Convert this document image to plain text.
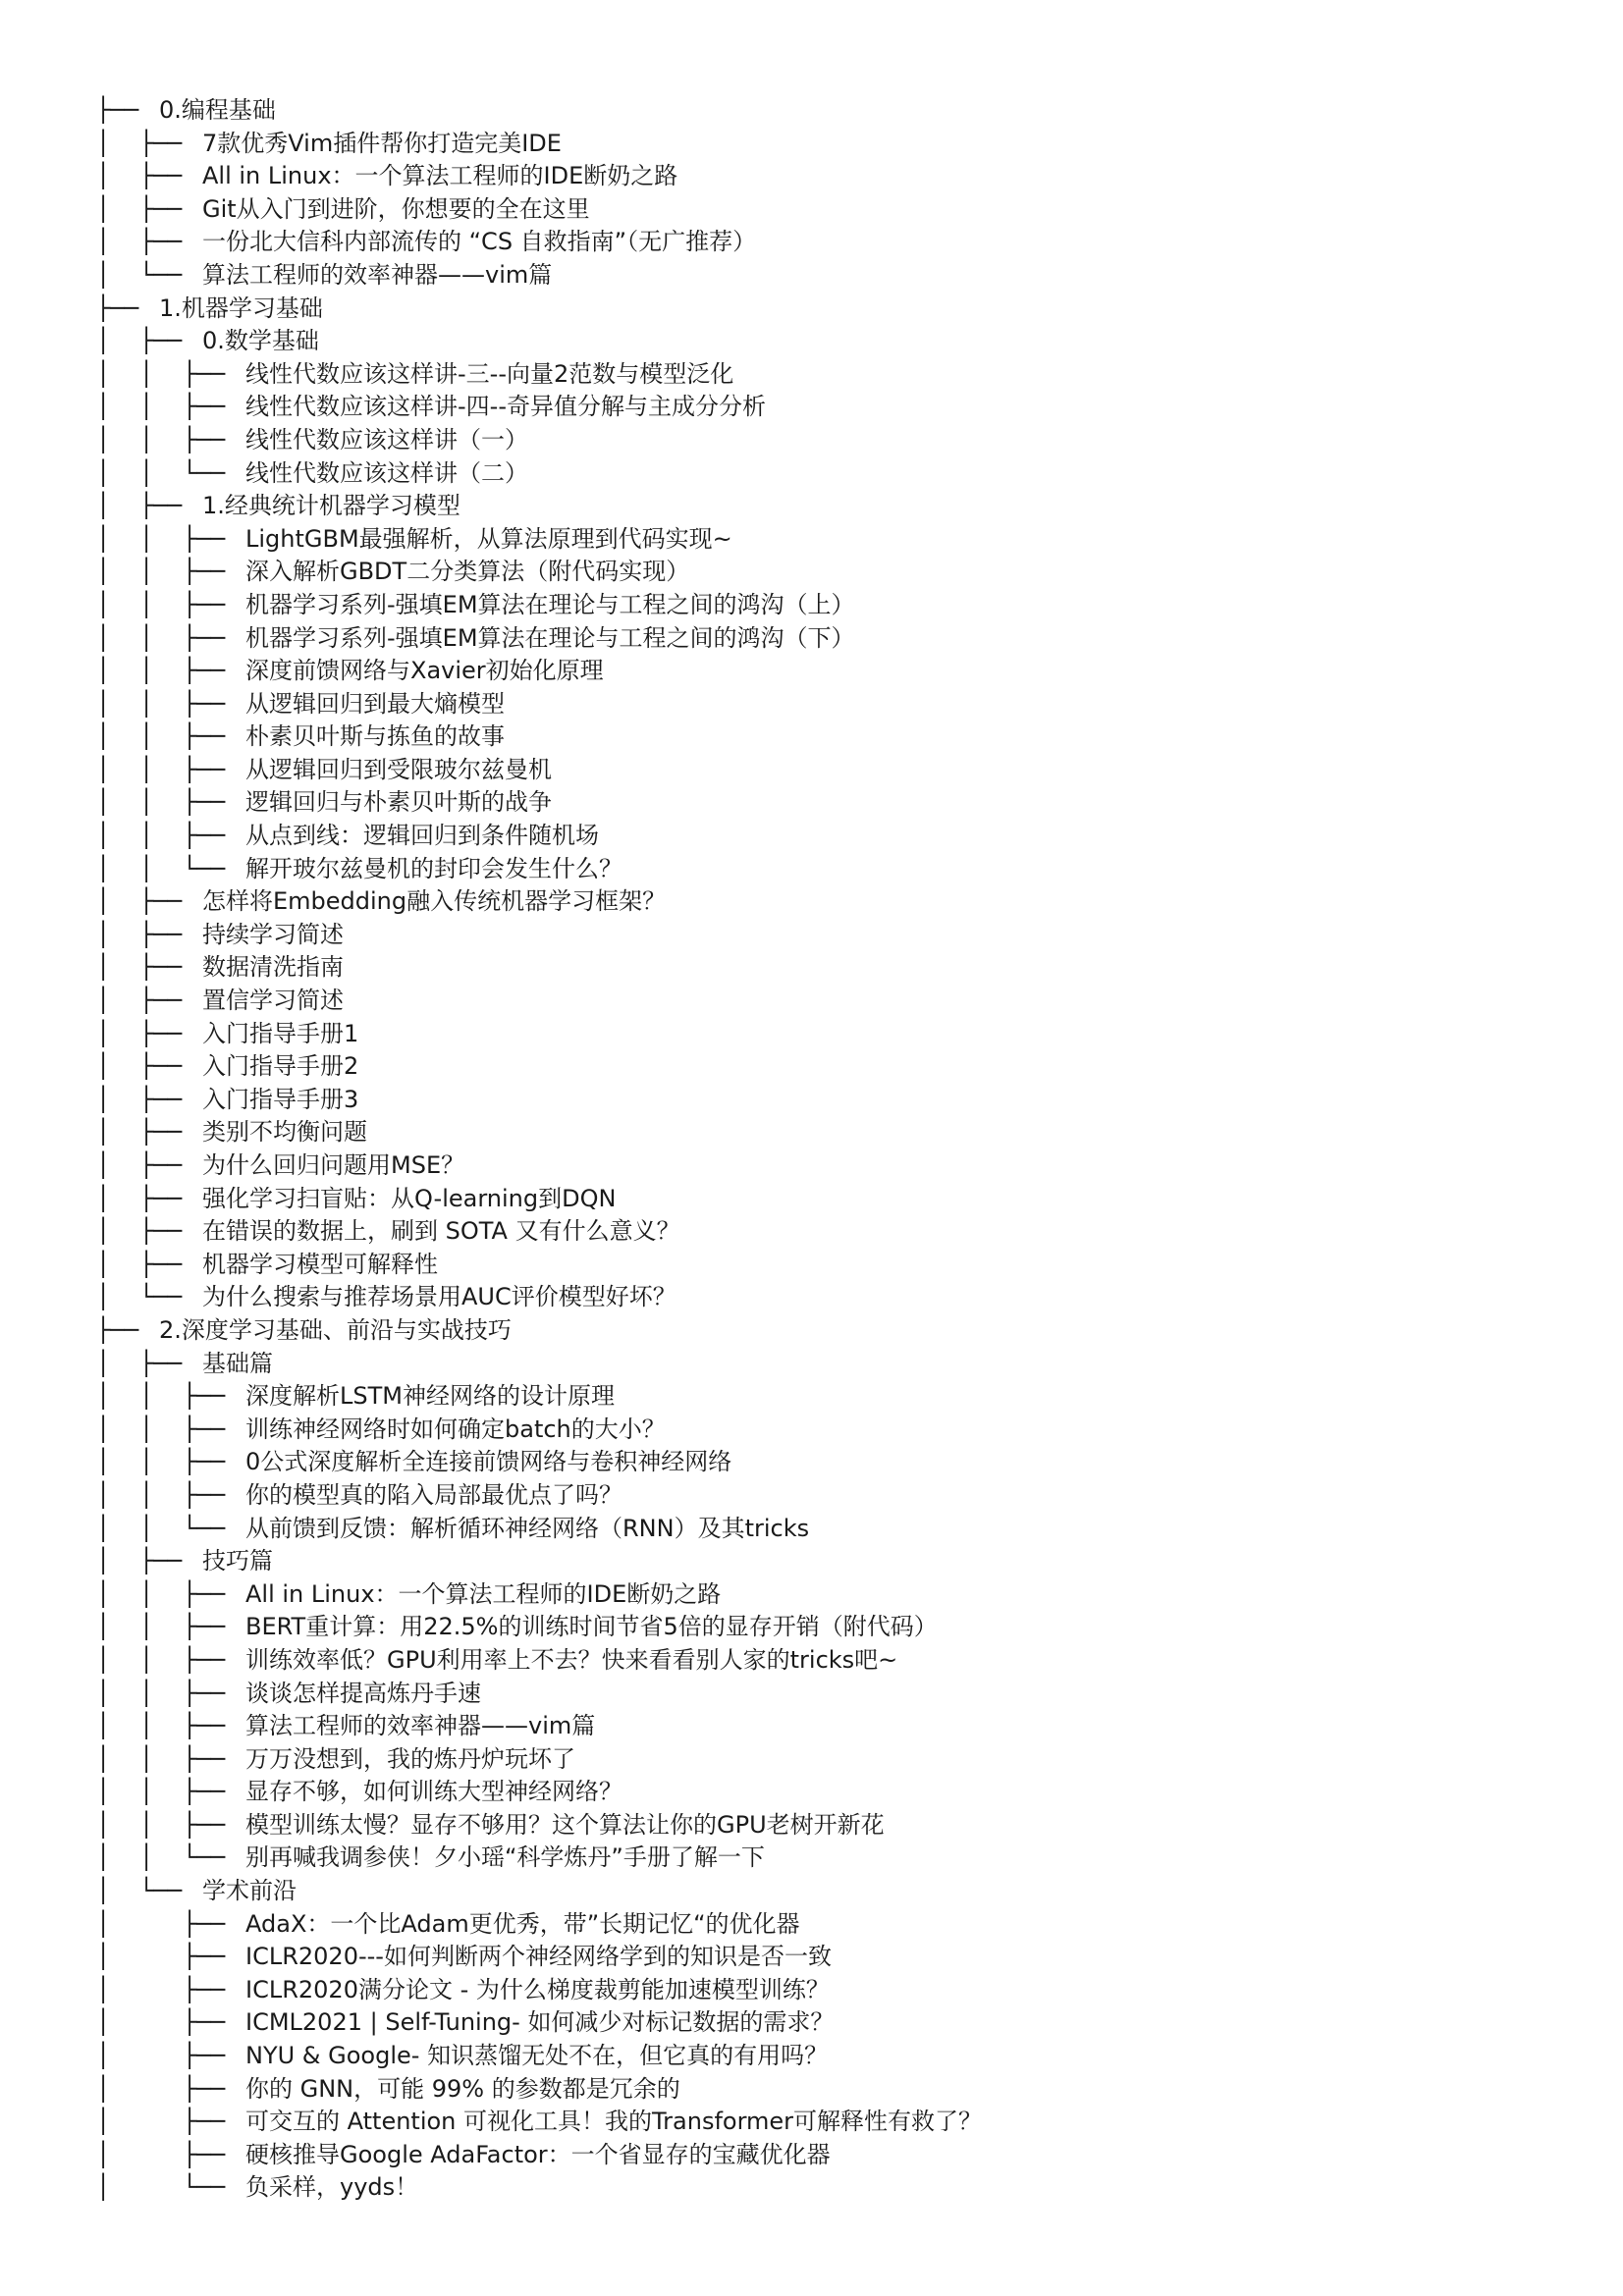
├── 0.编程基础
│ ├── 7款优秀Vim插件帮你打造完美IDE
│ ├── All in Linux：一个算法工程师的IDE断奶之路
│ ├── Git从入门到进阶，你想要的全在这里
│ ├── 一份北大信科内部流传的 “CS 自救指南”（无广推荐）
│ └── 算法工程师的效率神器——vim篇
├── 1.机器学习基础
│ ├── 0.数学基础
│ │ ├── 线性代数应该这样讲-三--向量2范数与模型泛化
│ │ ├── 线性代数应该这样讲-四--奇异值分解与主成分分析
│ │ ├── 线性代数应该这样讲（一）
│ │ └── 线性代数应该这样讲（二）
│ ├── 1.经典统计机器学习模型
│ │ ├── LightGBM最强解析，从算法原理到代码实现~
│ │ ├── 深入解析GBDT二分类算法（附代码实现）
│ │ ├── 机器学习系列-强填EM算法在理论与工程之间的鸿沟（上）
│ │ ├── 机器学习系列-强填EM算法在理论与工程之间的鸿沟（下）
│ │ ├── 深度前馈网络与Xavier初始化原理
│ │ ├── 从逻辑回归到最大熵模型
│ │ ├── 朴素贝叶斯与拣鱼的故事
│ │ ├── 从逻辑回归到受限玻尔兹曼机
│ │ ├── 逻辑回归与朴素贝叶斯的战争
│ │ ├── 从点到线：逻辑回归到条件随机场
│ │ └── 解开玻尔兹曼机的封印会发生什么？
│ ├── 怎样将Embedding融入传统机器学习框架？
│ ├── 持续学习简述
│ ├── 数据清洗指南
│ ├── 置信学习简述
│ ├── 入门指导手册1
│ ├── 入门指导手册2
│ ├── 入门指导手册3
│ ├── 类别不均衡问题
│ ├── 为什么回归问题用MSE？
│ ├── 强化学习扫盲贴：从Q-learning到DQN
│ ├── 在错误的数据上，刷到 SOTA 又有什么意义？
│ ├── 机器学习模型可解释性
│ └── 为什么搜索与推荐场景用AUC评价模型好坏？
├── 2.深度学习基础、前沿与实战技巧
│ ├── 基础篇
│ │ ├── 深度解析LSTM神经网络的设计原理
│ │ ├── 训练神经网络时如何确定batch的大小？
│ │ ├── 0公式深度解析全连接前馈网络与卷积神经网络
│ │ ├── 你的模型真的陷入局部最优点了吗？
│ │ └── 从前馈到反馈：解析循环神经网络（RNN）及其tricks
│ ├── 技巧篇
│ │ ├── All in Linux：一个算法工程师的IDE断奶之路
│ │ ├── BERT重计算：用22.5%的训练时间节省5倍的显存开销（附代码）
│ │ ├── 训练效率低？GPU利用率上不去？快来看看别人家的tricks吧~
│ │ ├── 谈谈怎样提高炼丹手速
│ │ ├── 算法工程师的效率神器——vim篇
│ │ ├── 万万没想到，我的炼丹炉玩坏了
│ │ ├── 显存不够，如何训练大型神经网络？
│ │ ├── 模型训练太慢？显存不够用？这个算法让你的GPU老树开新花
│ │ └── 别再喊我调参侠！夕小瑶“科学炼丹”手册了解一下
│ └── 学术前沿
│	├── AdaX：一个比Adam更优秀，带”长期记忆“的优化器
│	├── ICLR2020---如何判断两个神经网络学到的知识是否一致
│	├── ICLR2020满分论文 - 为什么梯度裁剪能加速模型训练？
│	├── ICML2021 | Self-Tuning- 如何减少对标记数据的需求？
│	├── NYU & Google- 知识蒸馏无处不在，但它真的有用吗？
│	├── 你的 GNN，可能 99% 的参数都是冗余的
│	├── 可交互的 Attention 可视化工具！我的Transformer可解释性有救了？
│	├── 硬核推导Google AdaFactor：一个省显存的宝藏优化器
│	└── 负采样，yyds！
